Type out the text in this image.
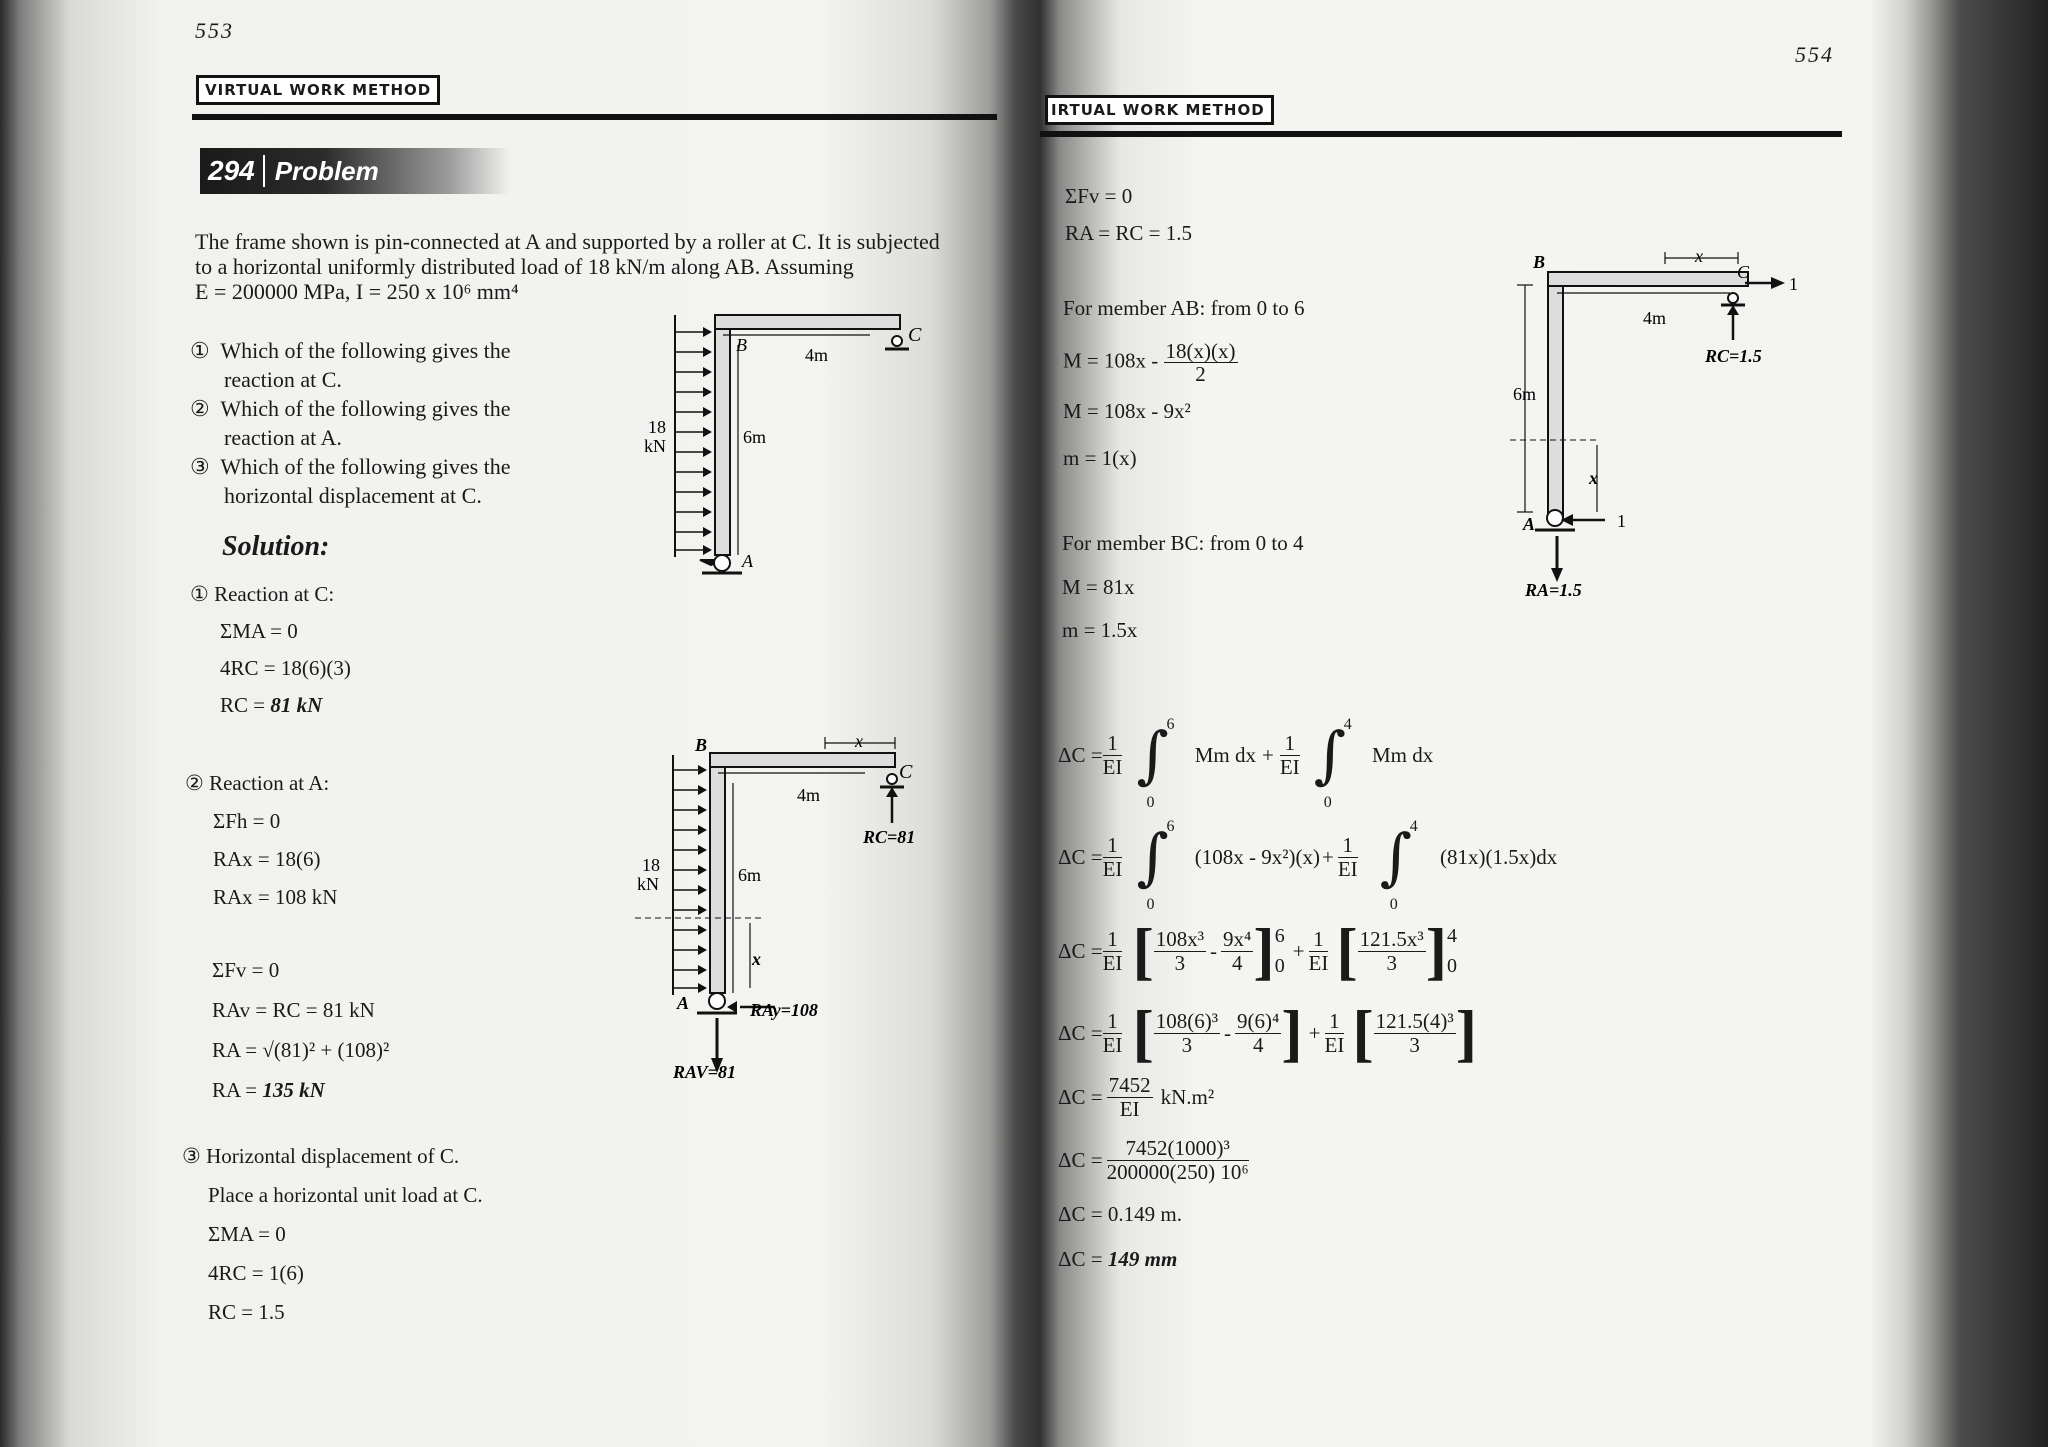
553
VIRTUAL WORK METHOD
294 Problem
The frame shown is pin-connected at A and supported by a roller at C. It is subjected
to a horizontal uniformly distributed load of 18 kN/m along AB. Assuming
E = 200000 MPa, I = 250 x 10⁶ mm⁴
① Which of the following gives the
reaction at C.
② Which of the following gives the
reaction at A.
③ Which of the following gives the
horizontal displacement at C.
Solution:
① Reaction at C:
ΣMA = 0
4RC = 18(6)(3)
RC = 81 kN
② Reaction at A:
ΣFh = 0
RAx = 18(6)
RAx = 108 kN
ΣFv = 0
RAv = RC = 81 kN
RA = √(81)² + (108)²
RA = 135 kN
③ Horizontal displacement of C.
Place a horizontal unit load at C.
ΣMA = 0
4RC = 1(6)
RC = 1.5
B	C
A
4m
6m
18
kN
B
C
A
4m
x
6m
x
18
kN
RC=81
RAy=108
RAV=81
554
IRTUAL WORK METHOD
ΣFv = 0
RA = RC = 1.5
For member AB: from 0 to 6
$M = 108x - \frac{18(x)(x)}{2}$
M = 108x - 9x²
m = 1(x)
For member BC: from 0 to 4
M = 81x
m = 1.5x
$\Delta C = \frac{1}{EI}$ ∫
6
0
Mm dx + $\frac{1}{EI}$ ∫
4
0
Mm dx
$\Delta C = \frac{1}{EI}$ ∫
6
0
$(108x - 9x^2)(x) + \frac{1}{EI}$ ∫
4
0
(81x)(1.5x)dx
$\Delta C = \frac{1}{EI}$ [ $\frac{\text{108x³}}{3} - \frac{\text{9x⁴}}{4}$ ] 6
0
+ $\frac{1}{EI}$ [ $\frac{\text{121.5x³}}{3}$ ] 4
0
$\Delta C = \frac{1}{EI}$ [ $\frac{\text{108(6)³}}{3} - \frac{\text{9(6)⁴}}{4}$ ] + $\frac{1}{EI}$ [ $\frac{\text{121.5(4)³}}{3}$ ]
$\Delta C = \frac{7452}{EI} kN.m^2$
$\Delta C = \frac{\text{7452(1000)³}}{\text{200000(250) 10⁶}}$
ΔC = 0.149 m.
ΔC = 149 mm
B	C
A
4m
x
6m
x
1
1
RC=1.5
RA=1.5
